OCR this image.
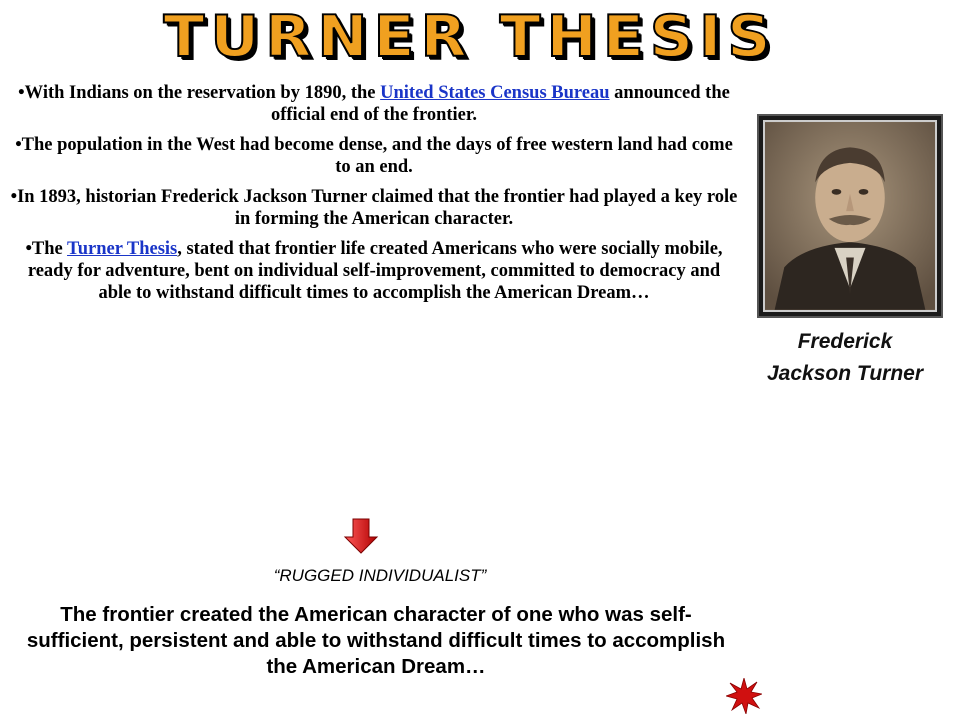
TURNER THESIS

•With Indians on the reservation by 1890, the United States Census Bureau announced the official end of the frontier.

•The population in the West had become dense, and the days of free western land had come to an end.

•In 1893, historian Frederick Jackson Turner claimed that the frontier had played a key role in forming the American character.

•The Turner Thesis, stated that frontier life created Americans who were socially mobile, ready for adventure, bent on individual self-improvement, committed to democracy and able to withstand difficult times to accomplish the American Dream…

Frederick
Jackson Turner
“RUGGED INDIVIDUALIST”
The frontier created the American character of one who was self-sufficient, persistent and able to withstand difficult times to accomplish the American Dream…
